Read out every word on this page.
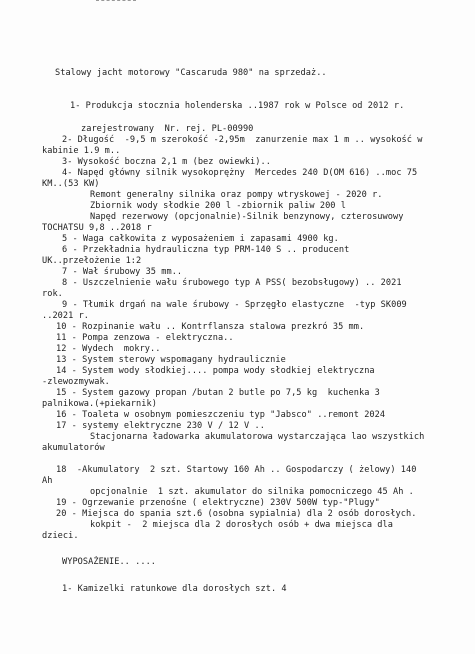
Stalowy jacht motorowy "Cascaruda 980" na sprzedaż..
1- Produkcja stocznia holenderska ..1987 rok w Polsce od 2012 r.
zarejestrowany  Nr. rej. PL-00990
2- Długość  -9,5 m szerokość -2,95m  zanurzenie max 1 m .. wysokość w
kabinie 1.9 m..
3- Wysokość boczna 2,1 m (bez owiewki)..
4- Napęd główny silnik wysokoprężny  Mercedes 240 D(OM 616) ..moc 75
KM..(53 KW)
Remont generalny silnika oraz pompy wtryskowej - 2020 r.
Zbiornik wody słodkie 200 l -zbiornik paliw 200 l
Napęd rezerwowy (opcjonalnie)-Silnik benzynowy, czterosuwowy
TOCHATSU 9,8 ..2018 r
5 - Waga całkowita z wyposażeniem i zapasami 4900 kg.
6 - Przekładnia hydrauliczna typ PRM-140 S .. producent
UK..przełożenie 1:2
7 - Wał śrubowy 35 mm..
8 - Uszczelnienie wału śrubowego typ A PSS( bezobsługowy) .. 2021
rok.
9 - Tłumik drgań na wale śrubowy - Sprzęgło elastyczne  -typ SK009
..2021 r.
10 - Rozpinanie wału .. Kontrflansza stalowa prezkró 35 mm.
11 - Pompa zenzowa - elektryczna..
12 - Wydech  mokry..
13 - System sterowy wspomagany hydraulicznie
14 - System wody słodkiej.... pompa wody słodkiej elektryczna
-zlewozmywak.
15 - System gazowy propan /butan 2 butle po 7,5 kg  kuchenka 3
palnikowa.(+piekarnik)
16 - Toaleta w osobnym pomieszczeniu typ "Jabsco" ..remont 2024
17 - systemy elektryczne 230 V / 12 V ..
Stacjonarna ładowarka akumulatorowa wystarczająca lao wszystkich
akumulatorów
18  -Akumulatory  2 szt. Startowy 160 Ah .. Gospodarczy ( żelowy) 140
Ah
opcjonalnie  1 szt. akumulator do silnika pomocniczego 45 Ah .
19 - Ogrzewanie przenośne ( elektryczne) 230V 500W typ-"Plugy"
20 - Miejsca do spania szt.6 (osobna sypialnia) dla 2 osób dorosłych.
kokpit -  2 miejsca dla 2 dorosłych osób + dwa miejsca dla
dzieci.
WYPOSAŻENIE.. ....
1- Kamizelki ratunkowe dla dorosłych szt. 4
